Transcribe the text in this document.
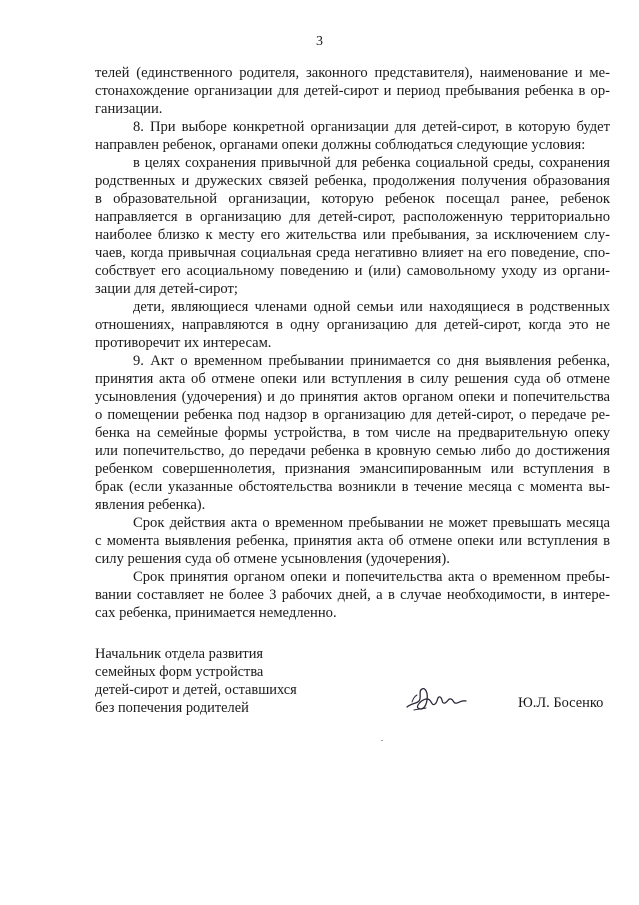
3
телей (единственного родителя, законного представителя), наименование и ме-
стонахождение организации для детей-сирот и период пребывания ребенка в ор-
ганизации.
8. При выборе конкретной организации для детей-сирот, в которую будет
направлен ребенок, органами опеки должны соблюдаться следующие условия:
в целях сохранения привычной для ребенка социальной среды, сохранения
родственных и дружеских связей ребенка, продолжения получения образования
в образовательной организации, которую ребенок посещал ранее, ребенок
направляется в организацию для детей-сирот, расположенную территориально
наиболее близко к месту его жительства или пребывания, за исключением слу-
чаев, когда привычная социальная среда негативно влияет на его поведение, спо-
собствует его асоциальному поведению и (или) самовольному уходу из органи-
зации для детей-сирот;
дети, являющиеся членами одной семьи или находящиеся в родственных
отношениях, направляются в одну организацию для детей-сирот, когда это не
противоречит их интересам.
9. Акт о временном пребывании принимается со дня выявления ребенка,
принятия акта об отмене опеки или вступления в силу решения суда об отмене
усыновления (удочерения) и до принятия актов органом опеки и попечительства
о помещении ребенка под надзор в организацию для детей-сирот, о передаче ре-
бенка на семейные формы устройства, в том числе на предварительную опеку
или попечительство, до передачи ребенка в кровную семью либо до достижения
ребенком совершеннолетия, признания эмансипированным или вступления в
брак (если указанные обстоятельства возникли в течение месяца с момента вы-
явления ребенка).
Срок действия акта о временном пребывании не может превышать месяца
с момента выявления ребенка, принятия акта об отмене опеки или вступления в
силу решения суда об отмене усыновления (удочерения).
Срок принятия органом опеки и попечительства акта о временном пребы-
вании составляет не более 3 рабочих дней, а в случае необходимости, в интере-
сах ребенка, принимается немедленно.
Начальник отдела развития
семейных форм устройства
детей-сирот и детей, оставшихся
без попечения родителей	Ю.Л. Босенко
